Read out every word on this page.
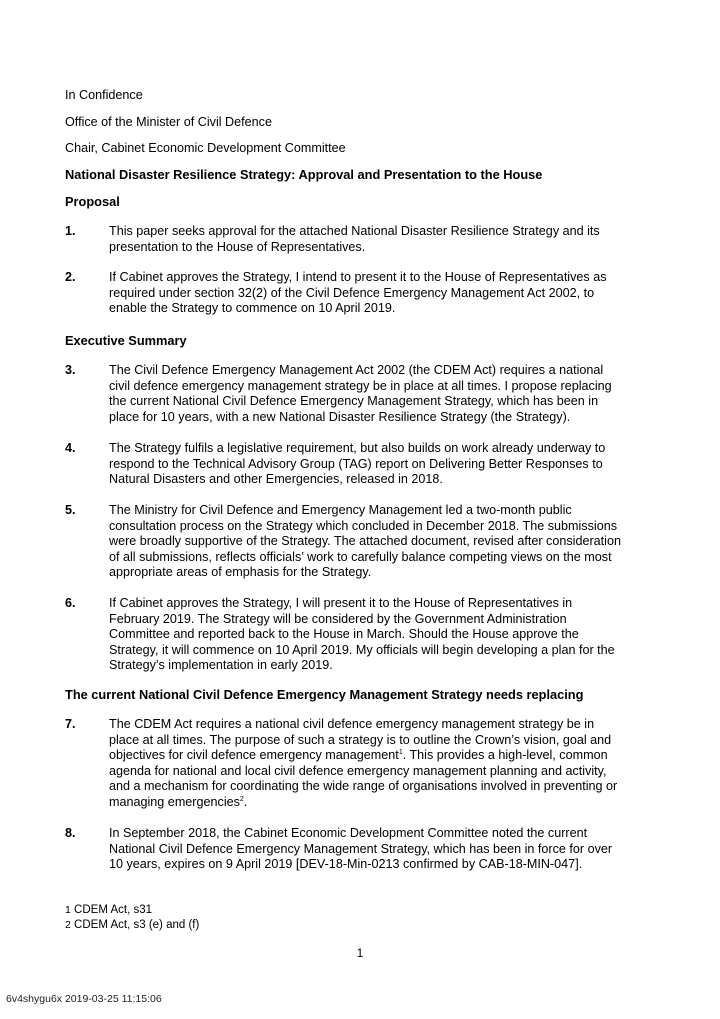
In Confidence
Office of the Minister of Civil Defence
Chair, Cabinet Economic Development Committee
National Disaster Resilience Strategy: Approval and Presentation to the House
Proposal
1.	This paper seeks approval for the attached National Disaster Resilience Strategy and its
presentation to the House of Representatives.
2.	If Cabinet approves the Strategy, I intend to present it to the House of Representatives as
required under section 32(2) of the Civil Defence Emergency Management Act 2002, to
enable the Strategy to commence on 10 April 2019.
Executive Summary
3.	The Civil Defence Emergency Management Act 2002 (the CDEM Act) requires a national
civil defence emergency management strategy be in place at all times. I propose replacing
the current National Civil Defence Emergency Management Strategy, which has been in
place for 10 years, with a new National Disaster Resilience Strategy (the Strategy).
4.	The Strategy fulfils a legislative requirement, but also builds on work already underway to
respond to the Technical Advisory Group (TAG) report on Delivering Better Responses to
Natural Disasters and other Emergencies, released in 2018.
5.	The Ministry for Civil Defence and Emergency Management led a two-month public
consultation process on the Strategy which concluded in December 2018. The submissions
were broadly supportive of the Strategy. The attached document, revised after consideration
of all submissions, reflects officials’ work to carefully balance competing views on the most
appropriate areas of emphasis for the Strategy.
6.	If Cabinet approves the Strategy, I will present it to the House of Representatives in
February 2019. The Strategy will be considered by the Government Administration
Committee and reported back to the House in March. Should the House approve the
Strategy, it will commence on 10 April 2019. My officials will begin developing a plan for the
Strategy’s implementation in early 2019.
The current National Civil Defence Emergency Management Strategy needs replacing
7.	The CDEM Act requires a national civil defence emergency management strategy be in
place at all times. The purpose of such a strategy is to outline the Crown’s vision, goal and
objectives for civil defence emergency management$^1$. This provides a high-level, common
agenda for national and local civil defence emergency management planning and activity,
and a mechanism for coordinating the wide range of organisations involved in preventing or
managing emergencies$^2$.
8.	In September 2018, the Cabinet Economic Development Committee noted the current
National Civil Defence Emergency Management Strategy, which has been in force for over
10 years, expires on 9 April 2019 [DEV-18-Min-0213 confirmed by CAB-18-MIN-047].
1 CDEM Act, s31
2 CDEM Act, s3 (e) and (f)
1
6v4shygu6x 2019-03-25 11:15:06
